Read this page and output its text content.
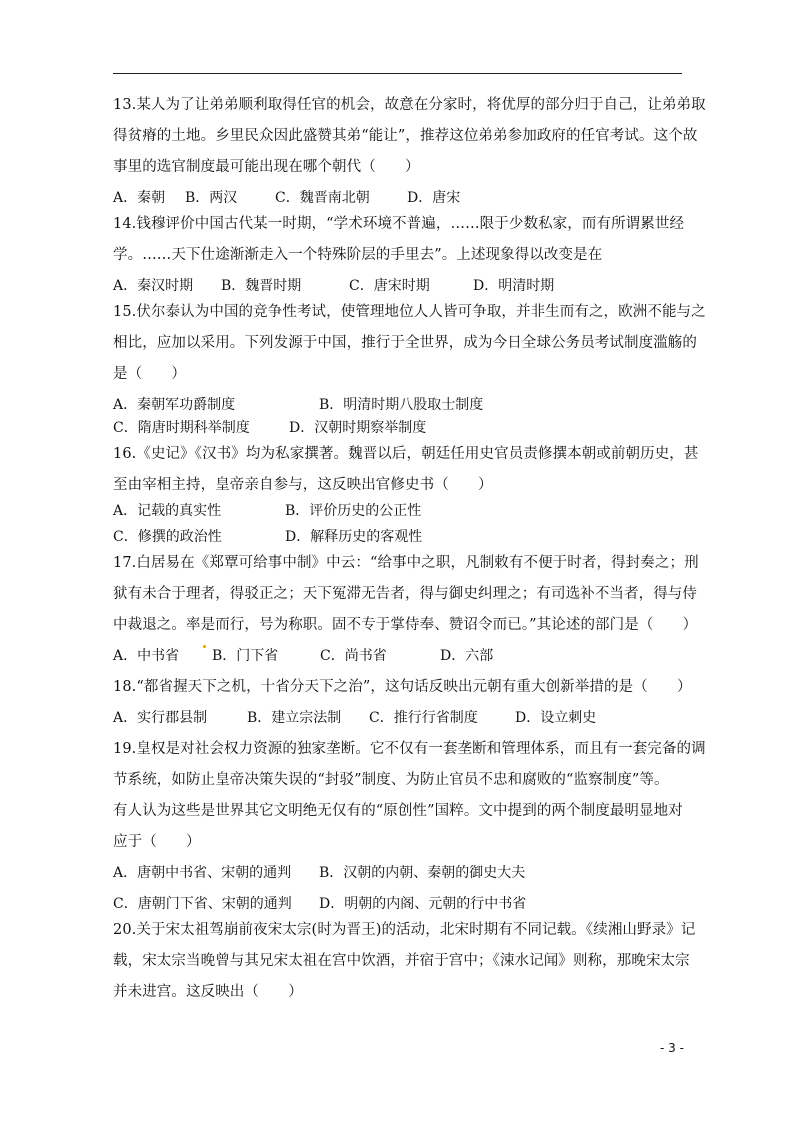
13.某人为了让弟弟顺利取得任官的机会，故意在分家时，将优厚的部分归于自己，让弟弟取
得贫瘠的土地。乡里民众因此盛赞其弟“能让”，推荐这位弟弟参加政府的任官考试。这个故
事里的选官制度最可能出现在哪个朝代（　　）
A．秦朝	B．两汉	C．魏晋南北朝	D．唐宋
14.钱穆评价中国古代某一时期，“学术环境不普遍，……限于少数私家，而有所谓累世经
学。……天下仕途渐渐走入一个特殊阶层的手里去”。上述现象得以改变是在
A．秦汉时期	B．魏晋时期	C．唐宋时期	D．明清时期
15.伏尔泰认为中国的竞争性考试，使管理地位人人皆可争取，并非生而有之，欧洲不能与之
相比，应加以采用。下列发源于中国，推行于全世界，成为今日全球公务员考试制度滥觞的
是（　　）
A．秦朝军功爵制度	B．明清时期八股取士制度
C．隋唐时期科举制度	D．汉朝时期察举制度
16.《史记》《汉书》均为私家撰著。魏晋以后，朝廷任用史官员责修撰本朝或前朝历史，甚
至由宰相主持，皇帝亲自参与，这反映出官修史书（　　）
A．记载的真实性	B．评价历史的公正性
C．修撰的政治性	D．解释历史的客观性
17.白居易在《郑覃可给事中制》中云：“给事中之职，凡制敕有不便于时者，得封奏之；刑
狱有未合于理者，得驳正之；天下冤滞无告者，得与御史纠理之；有司选补不当者，得与侍
中裁退之。率是而行，号为称职。固不专于掌侍奉、赞诏令而已。”其论述的部门是（　　）
A．中书省	B．门下省	C．尚书省	D．六部
18.“都省握天下之机，十省分天下之治”，这句话反映出元朝有重大创新举措的是（　　）
A．实行郡县制	B．建立宗法制	C．推行行省制度	D．设立刺史
19.皇权是对社会权力资源的独家垄断。它不仅有一套垄断和管理体系，而且有一套完备的调
节系统，如防止皇帝决策失误的“封驳”制度、为防止官员不忠和腐败的“监察制度”等。
有人认为这些是世界其它文明绝无仅有的“原创性”国粹。文中提到的两个制度最明显地对
应于（　　）
A．唐朝中书省、宋朝的通判	B．汉朝的内朝、秦朝的御史大夫
C．唐朝门下省、宋朝的通判	D．明朝的内阁、元朝的行中书省
20.关于宋太祖驾崩前夜宋太宗(时为晋王)的活动，北宋时期有不同记载。《续湘山野录》记
载，宋太宗当晚曾与其兄宋太祖在宫中饮酒，并宿于宫中；《涑水记闻》则称，那晚宋太宗
并未进宫。这反映出（　　）
- 3 -
